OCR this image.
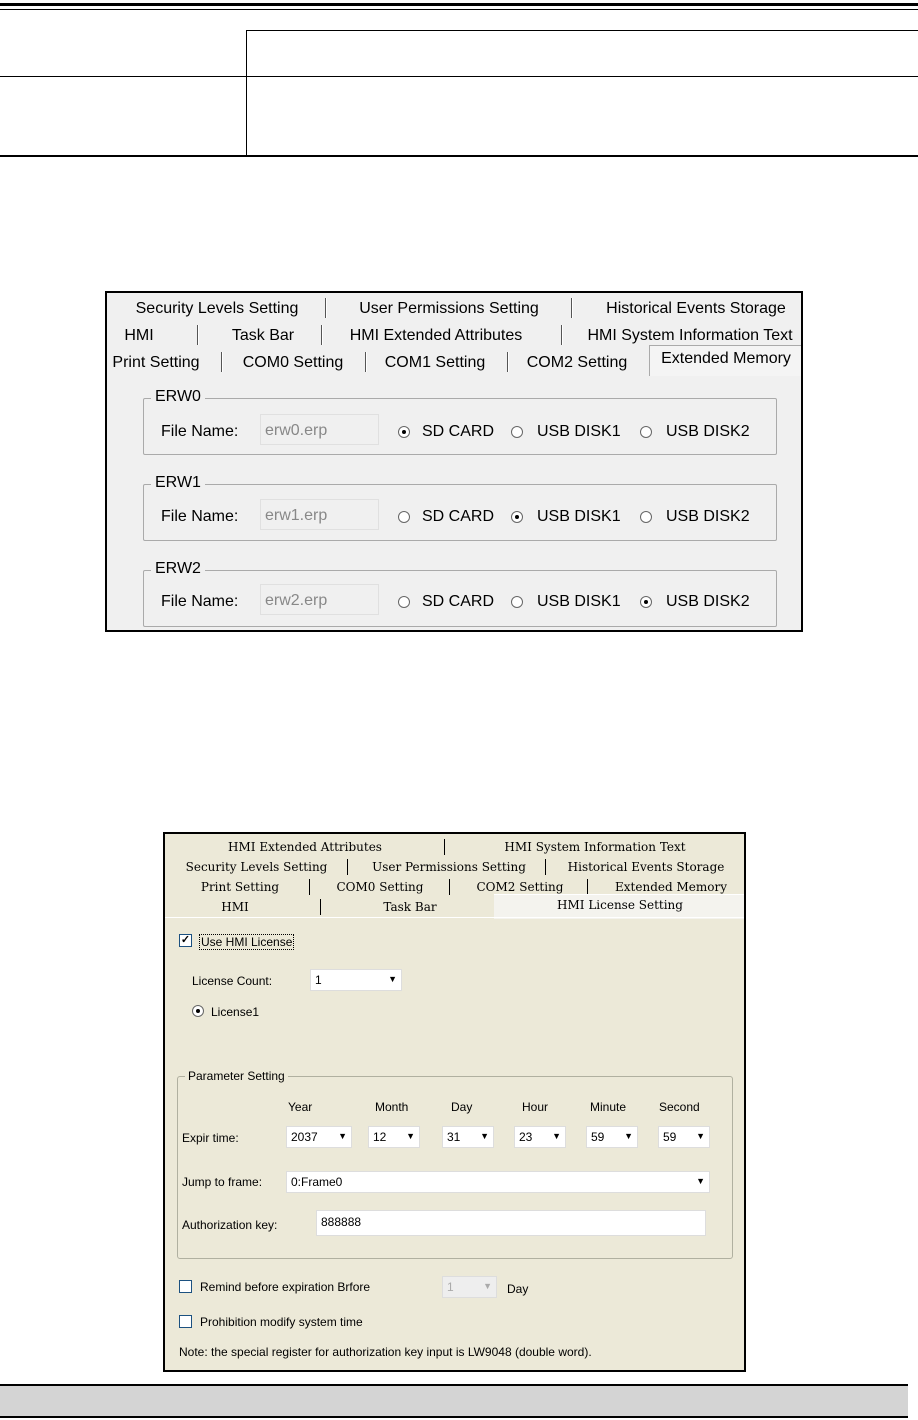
Security Levels Setting	User Permissions Setting	Historical Events Storage
HMI	Task Bar	HMI Extended Attributes	HMI System Information Text
Print Setting	COM0 Setting	COM1 Setting	COM2 Setting	Extended Memory
ERW0
File Name:	erw0.erp	SD CARD	USB DISK1	USB DISK2
ERW1
File Name:	erw1.erp	SD CARD	USB DISK1	USB DISK2
ERW2
File Name:	erw2.erp	SD CARD	USB DISK1	USB DISK2
HMI Extended Attributes	HMI System Information Text
Security Levels Setting	User Permissions Setting	Historical Events Storage
Print Setting	COM0 Setting	COM2 Setting	Extended Memory
HMI	Task Bar	HMI License Setting
✓ Use HMI License
License Count:	1	▼
License1
Parameter Setting
Year	Month	Day	Hour	Minute	Second
Expir time:	2037 ▼ 12 ▼	31 ▼	23 ▼	59 ▼	59 ▼
Jump to frame: 0:Frame0	▼
Authorization key:	888888
Remind before expiration Brfore	1	▼ Day
Prohibition modify system time
Note: the special register for authorization key input is LW9048 (double word).
